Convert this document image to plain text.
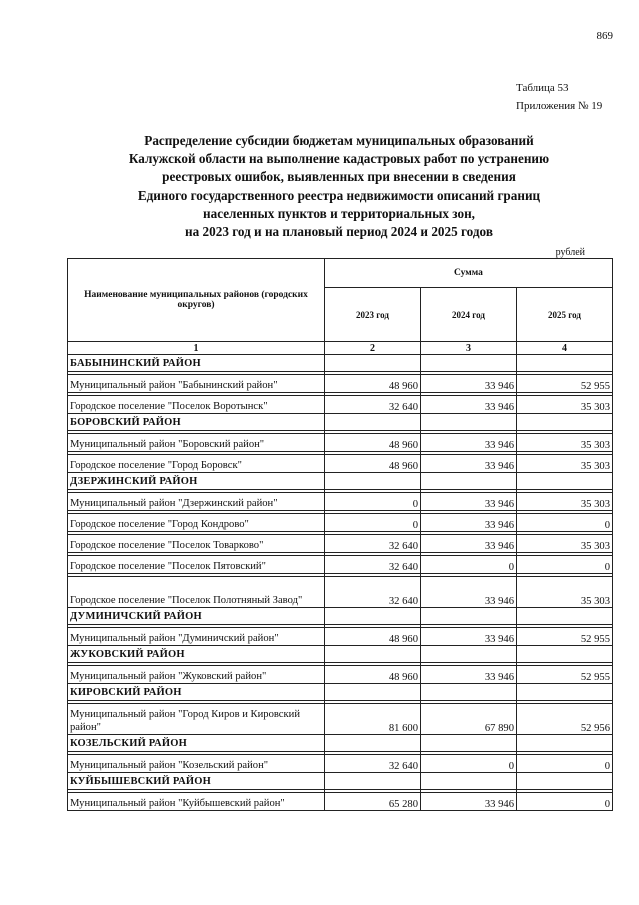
869
Таблица 53
Приложения № 19
Распределение субсидии бюджетам муниципальных образований
Калужской области на выполнение кадастровых работ по устранению
реестровых ошибок, выявленных при внесении в сведения
Единого государственного реестра недвижимости описаний границ
населенных пунктов и территориальных зон,
на 2023 год и на плановый период 2024 и 2025 годов
рублей
Наименование муниципальных районов (городских округов)	Сумма		
	2023 год	2024 год	2025 год
1	2	3	4
БАБЫНИНСКИЙ РАЙОН			

Муниципальный район "Бабынинский район"	48 960	33 946	52 955

Городское поселение "Поселок Воротынск"	32 640	33 946	35 303
БОРОВСКИЙ РАЙОН			

Муниципальный район "Боровский район"	48 960	33 946	35 303

Городское поселение "Город Боровск"	48 960	33 946	35 303
ДЗЕРЖИНСКИЙ РАЙОН			

Муниципальный район "Дзержинский район"	0	33 946	35 303

Городское поселение "Город Кондрово"	0	33 946	0

Городское поселение "Поселок Товарково"	32 640	33 946	35 303

Городское поселение "Поселок Пятовский"	32 640	0	0

Городское поселение "Поселок Полотняный Завод"	32 640	33 946	35 303
ДУМИНИЧСКИЙ РАЙОН			

Муниципальный район "Думиничский район"	48 960	33 946	52 955
ЖУКОВСКИЙ РАЙОН			

Муниципальный район "Жуковский район"	48 960	33 946	52 955
КИРОВСКИЙ РАЙОН			

Муниципальный район "Город Киров и Кировский район"	81 600	67 890	52 956
КОЗЕЛЬСКИЙ РАЙОН			

Муниципальный район "Козельский район"	32 640	0	0
КУЙБЫШЕВСКИЙ РАЙОН			

Муниципальный район "Куйбышевский район"	65 280	33 946	0
